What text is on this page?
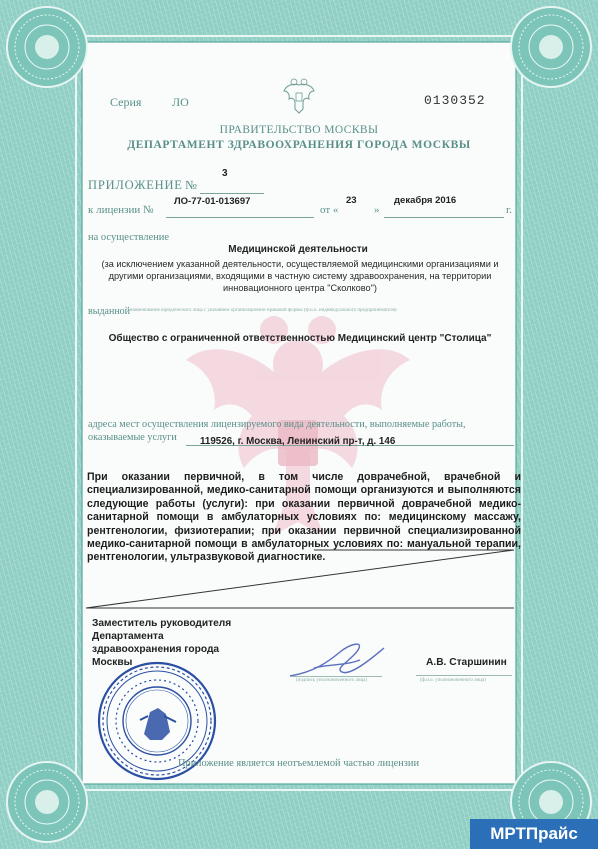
Серия	ЛО	0130352
ПРАВИТЕЛЬСТВО МОСКВЫ
ДЕПАРТАМЕНТ ЗДРАВООХРАНЕНИЯ ГОРОДА МОСКВЫ
ПРИЛОЖЕНИЕ №
3
к лицензии №
ЛО-77-01-013697
от «
23
»
декабря 2016
г.
на осуществление
Медицинской деятельности
(за исключением указанной деятельности, осуществляемой медицинскими организациями и другими организациями, входящими в частную систему здравоохранения, на территории инновационного центра "Сколково")
выданной
(наименование юридического лица с указанием организационно-правовой формы (ф.и.о. индивидуального предпринимателя)
Общество с ограниченной ответственностью Медицинский центр "Столица"
адреса мест осуществления лицензируемого вида деятельности, выполняемые работы,
оказываемые услуги 119526, г. Москва, Ленинский пр-т, д. 146
При оказании первичной, в том числе доврачебной, врачебной и специализированной, медико-санитарной помощи организуются и выполняются следующие работы (услуги): при оказании первичной доврачебной медико-санитарной помощи в амбулаторных условиях по: медицинскому массажу, рентгенологии, физиотерапии; при оказании первичной специализированной медико-санитарной помощи в амбулаторных условиях по: мануальной терапии, рентгенологии, ультразвуковой диагностике.
Заместитель руководителя
Департамента
здравоохранения города
Москвы
(подпись уполномоченного лица)
А.В. Старшинин
(ф.и.о. уполномоченного лица)
Приложение является неотъемлемой частью лицензии
МРТПрайс
